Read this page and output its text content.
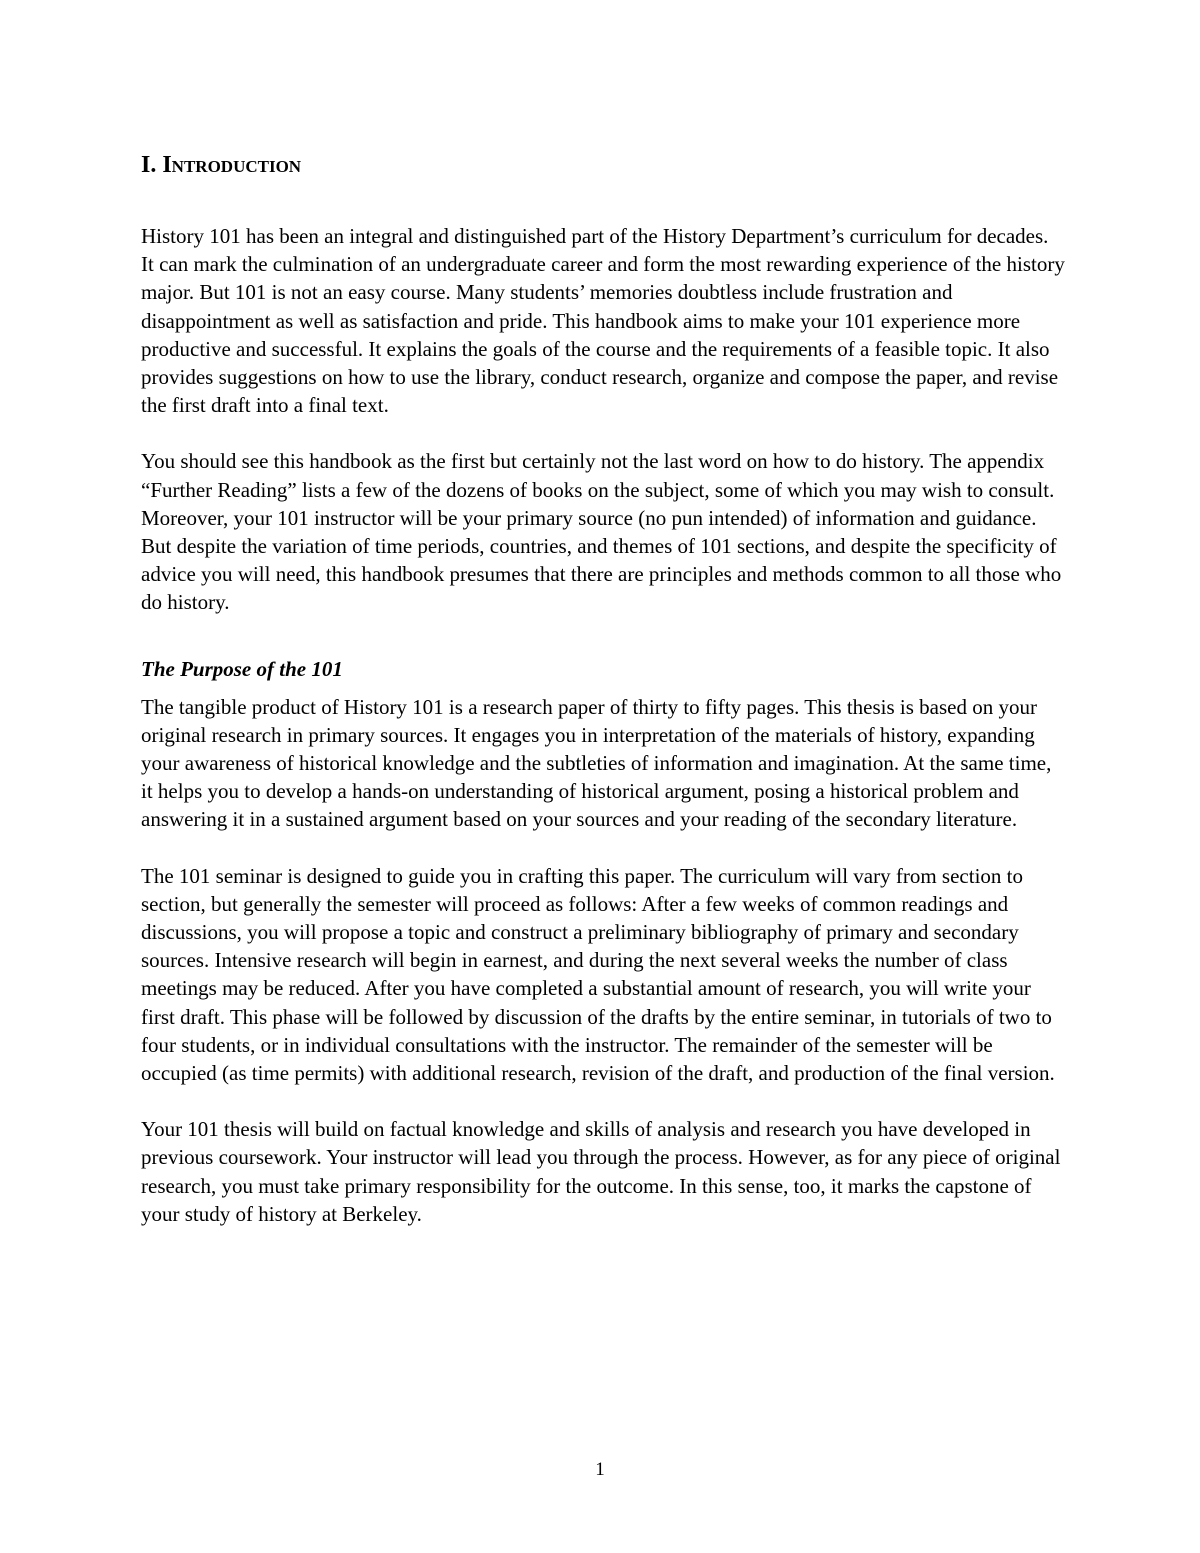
I. Introduction

History 101 has been an integral and distinguished part of the History Department’s curriculum for decades. It can mark the culmination of an undergraduate career and form the most rewarding experience of the history major. But 101 is not an easy course. Many students’ memories doubtless include frustration and disappointment as well as satisfaction and pride. This handbook aims to make your 101 experience more productive and successful. It explains the goals of the course and the requirements of a feasible topic. It also provides suggestions on how to use the library, conduct research, organize and compose the paper, and revise the first draft into a final text.

You should see this handbook as the first but certainly not the last word on how to do history. The appendix “Further Reading” lists a few of the dozens of books on the subject, some of which you may wish to consult. Moreover, your 101 instructor will be your primary source (no pun intended) of information and guidance. But despite the variation of time periods, countries, and themes of 101 sections, and despite the specificity of advice you will need, this handbook presumes that there are principles and methods common to all those who do history.

The Purpose of the 101

The tangible product of History 101 is a research paper of thirty to fifty pages. This thesis is based on your original research in primary sources. It engages you in interpretation of the materials of history, expanding your awareness of historical knowledge and the subtleties of information and imagination. At the same time, it helps you to develop a hands-on understanding of historical argument, posing a historical problem and answering it in a sustained argument based on your sources and your reading of the secondary literature.

The 101 seminar is designed to guide you in crafting this paper. The curriculum will vary from section to section, but generally the semester will proceed as follows: After a few weeks of common readings and discussions, you will propose a topic and construct a preliminary bibliography of primary and secondary sources. Intensive research will begin in earnest, and during the next several weeks the number of class meetings may be reduced. After you have completed a substantial amount of research, you will write your first draft. This phase will be followed by discussion of the drafts by the entire seminar, in tutorials of two to four students, or in individual consultations with the instructor. The remainder of the semester will be occupied (as time permits) with additional research, revision of the draft, and production of the final version.

Your 101 thesis will build on factual knowledge and skills of analysis and research you have developed in previous coursework. Your instructor will lead you through the process. However, as for any piece of original research, you must take primary responsibility for the outcome. In this sense, too, it marks the capstone of your study of history at Berkeley.

1
